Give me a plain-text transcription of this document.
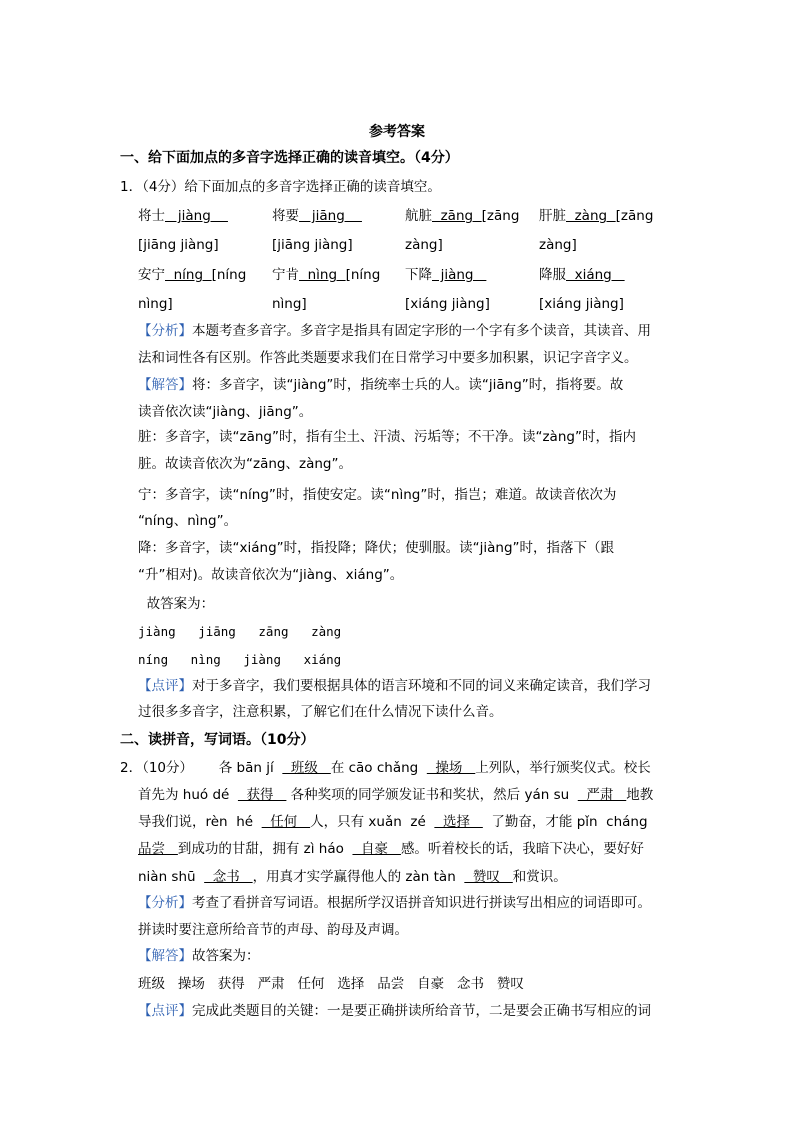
参考答案
一、给下面加点的多音字选择正确的读音填空。（4分）
1．（4分）给下面加点的多音字选择正确的读音填空。
将士   jiàng	将要   jiāng	航脏  zāng  [zāng 肝脏  zàng  [zāng
[jiāng jiàng]	[jiāng jiàng]	zàng]	zàng]
安宁  níng  [níng 宁肯  nìng  [níng 下降  jiàng	降服  xiáng
nìng]	nìng]	[xiáng jiàng]	[xiáng jiàng]
【分析】本题考查多音字。多音字是指具有固定字形的一个字有多个读音，其读音、用
法和词性各有区别。作答此类题要求我们在日常学习中要多加积累，识记字音字义。
【解答】将：多音字，读“jiàng”时，指统率士兵的人。读“jiāng”时，指将要。故
读音依次读“jiàng、jiāng”。
脏：多音字，读“zāng”时，指有尘土、汗渍、污垢等；不干净。读“zàng”时，指内
脏。故读音依次为“zāng、zàng”。
宁：多音字，读“níng”时，指使安定。读“nìng”时，指岂；难道。故读音依次为
“níng、nìng”。
降：多音字，读“xiáng”时，指投降；降伏；使驯服。读“jiàng”时，指落下（跟
“升”相对)。故读音依次为“jiàng、xiáng”。
故答案为：
jiàng   jiāng   zāng   zàng
níng   nìng   jiàng   xiáng
【点评】对于多音字，我们要根据具体的语言环境和不同的词义来确定读音，我们学习
过很多多音字，注意积累，了解它们在什么情况下读什么音。
二、读拼音，写词语。（10分）
2．（10分）      各 bān jí    班级   在 cāo chǎng    操场   上列队，举行颁奖仪式。校长
首先为 huó dé    获得    各种奖项的同学颁发证书和奖状，然后 yán su    严肃   地教
导我们说，rèn  hé    任何   人，只有 xuǎn  zé    选择     了勤奋，才能 pǐn  cháng
品尝   到成功的甘甜，拥有 zì háo    自豪   感。听着校长的话，我暗下决心，要好好
niàn shū    念书   ，用真才实学赢得他人的 zàn tàn    赞叹   和赏识。
【分析】考查了看拼音写词语。根据所学汉语拼音知识进行拼读写出相应的词语即可。
拼读时要注意所给音节的声母、韵母及声调。
【解答】故答案为：
班级   操场   获得   严肃   任何   选择   品尝   自豪   念书   赞叹
【点评】完成此类题目的关键：一是要正确拼读所给音节，二是要会正确书写相应的词
